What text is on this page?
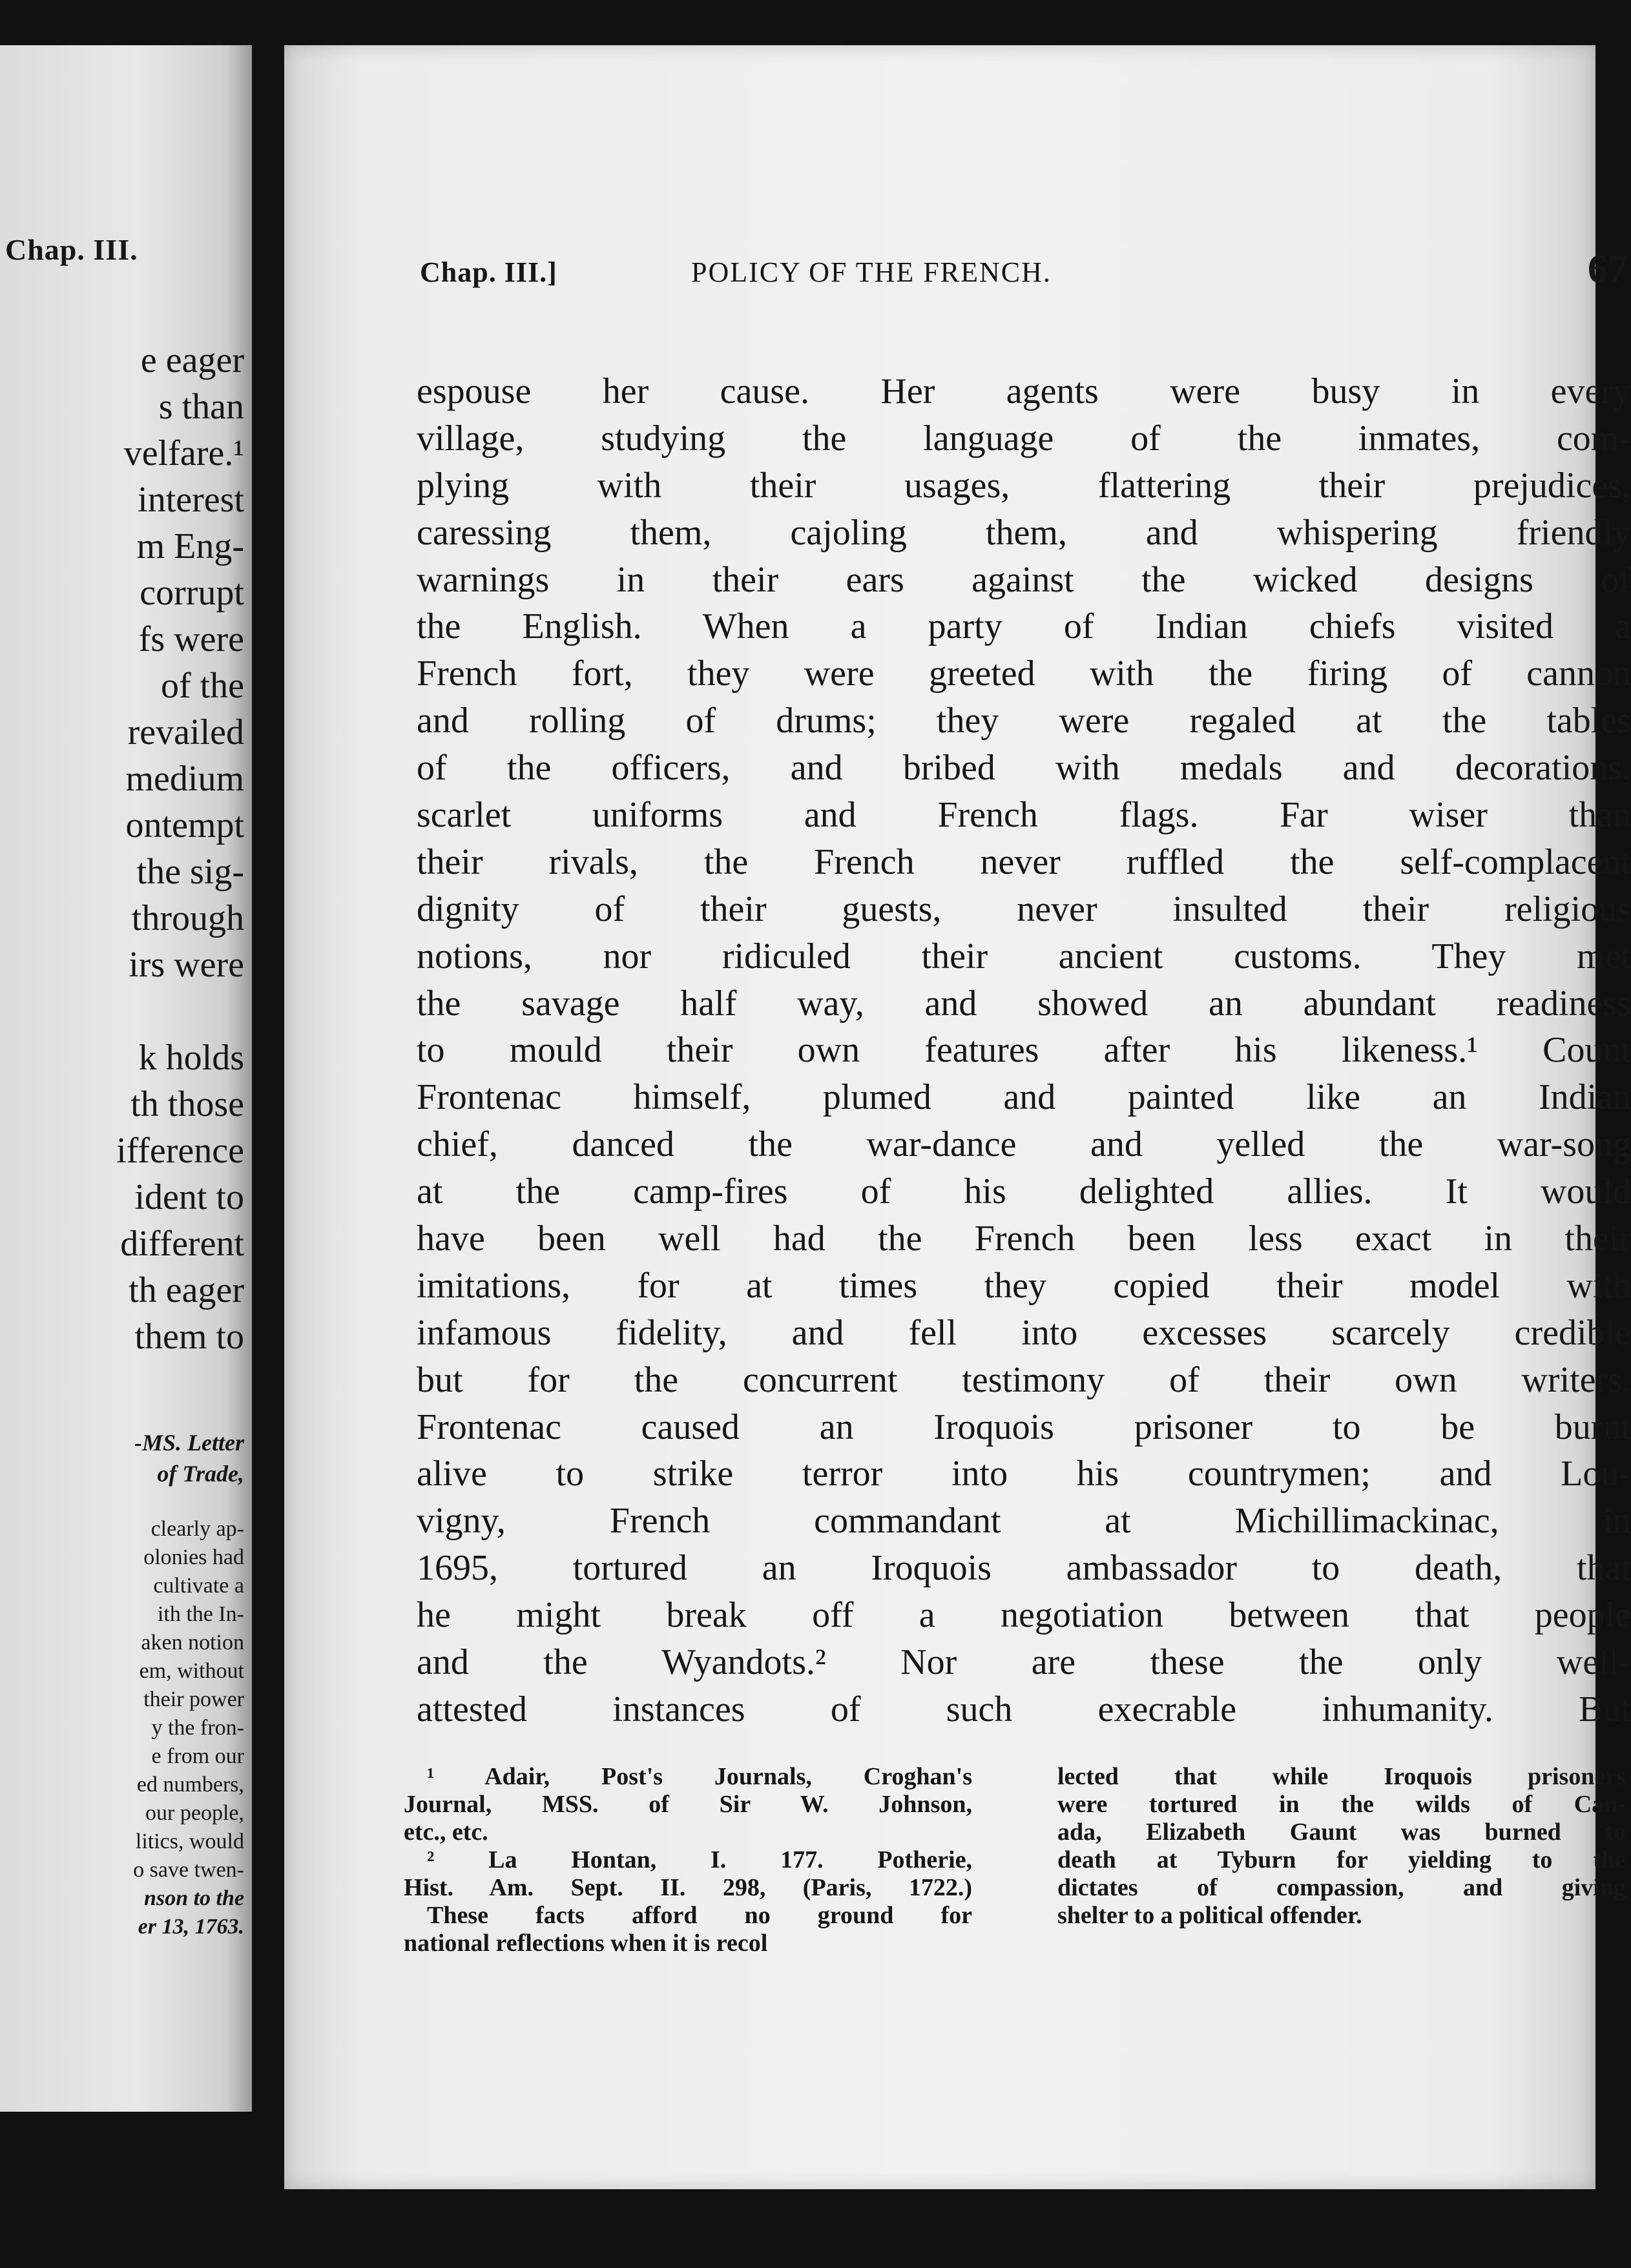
Chap. III.
e eager
s than
velfare.¹
interest
m Eng-
corrupt
fs were
of the
revailed
medium
ontempt
the sig-
through
irs were
k holds
th those
ifference
ident to
different
th eager
them to
-MS. Letter
of Trade,
clearly ap-
olonies had
cultivate a
ith the In-
aken notion
em, without
their power
y the fron-
e from our
ed numbers,
our people,
litics, would
o save twen-
nson to the
er 13, 1763.
Chap. III.]	POLICY OF THE FRENCH.	67
espouse her cause. Her agents were busy in every
village, studying the language of the inmates, com-
plying with their usages, flattering their prejudices,
caressing them, cajoling them, and whispering friendly
warnings in their ears against the wicked designs of
the English. When a party of Indian chiefs visited a
French fort, they were greeted with the firing of cannon
and rolling of drums; they were regaled at the tables
of the officers, and bribed with medals and decorations,
scarlet uniforms and French flags. Far wiser than
their rivals, the French never ruffled the self-complacent
dignity of their guests, never insulted their religious
notions, nor ridiculed their ancient customs. They met
the savage half way, and showed an abundant readiness
to mould their own features after his likeness.¹ Count
Frontenac himself, plumed and painted like an Indian
chief, danced the war-dance and yelled the war-song
at the camp-fires of his delighted allies. It would
have been well had the French been less exact in their
imitations, for at times they copied their model with
infamous fidelity, and fell into excesses scarcely credible
but for the concurrent testimony of their own writers.
Frontenac caused an Iroquois prisoner to be burnt
alive to strike terror into his countrymen; and Lou-
vigny, French commandant at Michillimackinac, in
1695, tortured an Iroquois ambassador to death, that
he might break off a negotiation between that people
and the Wyandots.² Nor are these the only well-
attested instances of such execrable inhumanity. But
¹ Adair, Post's Journals, Croghan's
Journal, MSS. of Sir W. Johnson,
etc., etc.
² La Hontan, I. 177. Potherie,
Hist. Am. Sept. II. 298, (Paris, 1722.)
These facts afford no ground for
national reflections when it is recol
lected that while Iroquois prisoners
were tortured in the wilds of Can-
ada, Elizabeth Gaunt was burned to
death at Tyburn for yielding to the
dictates of compassion, and giving
shelter to a political offender.
